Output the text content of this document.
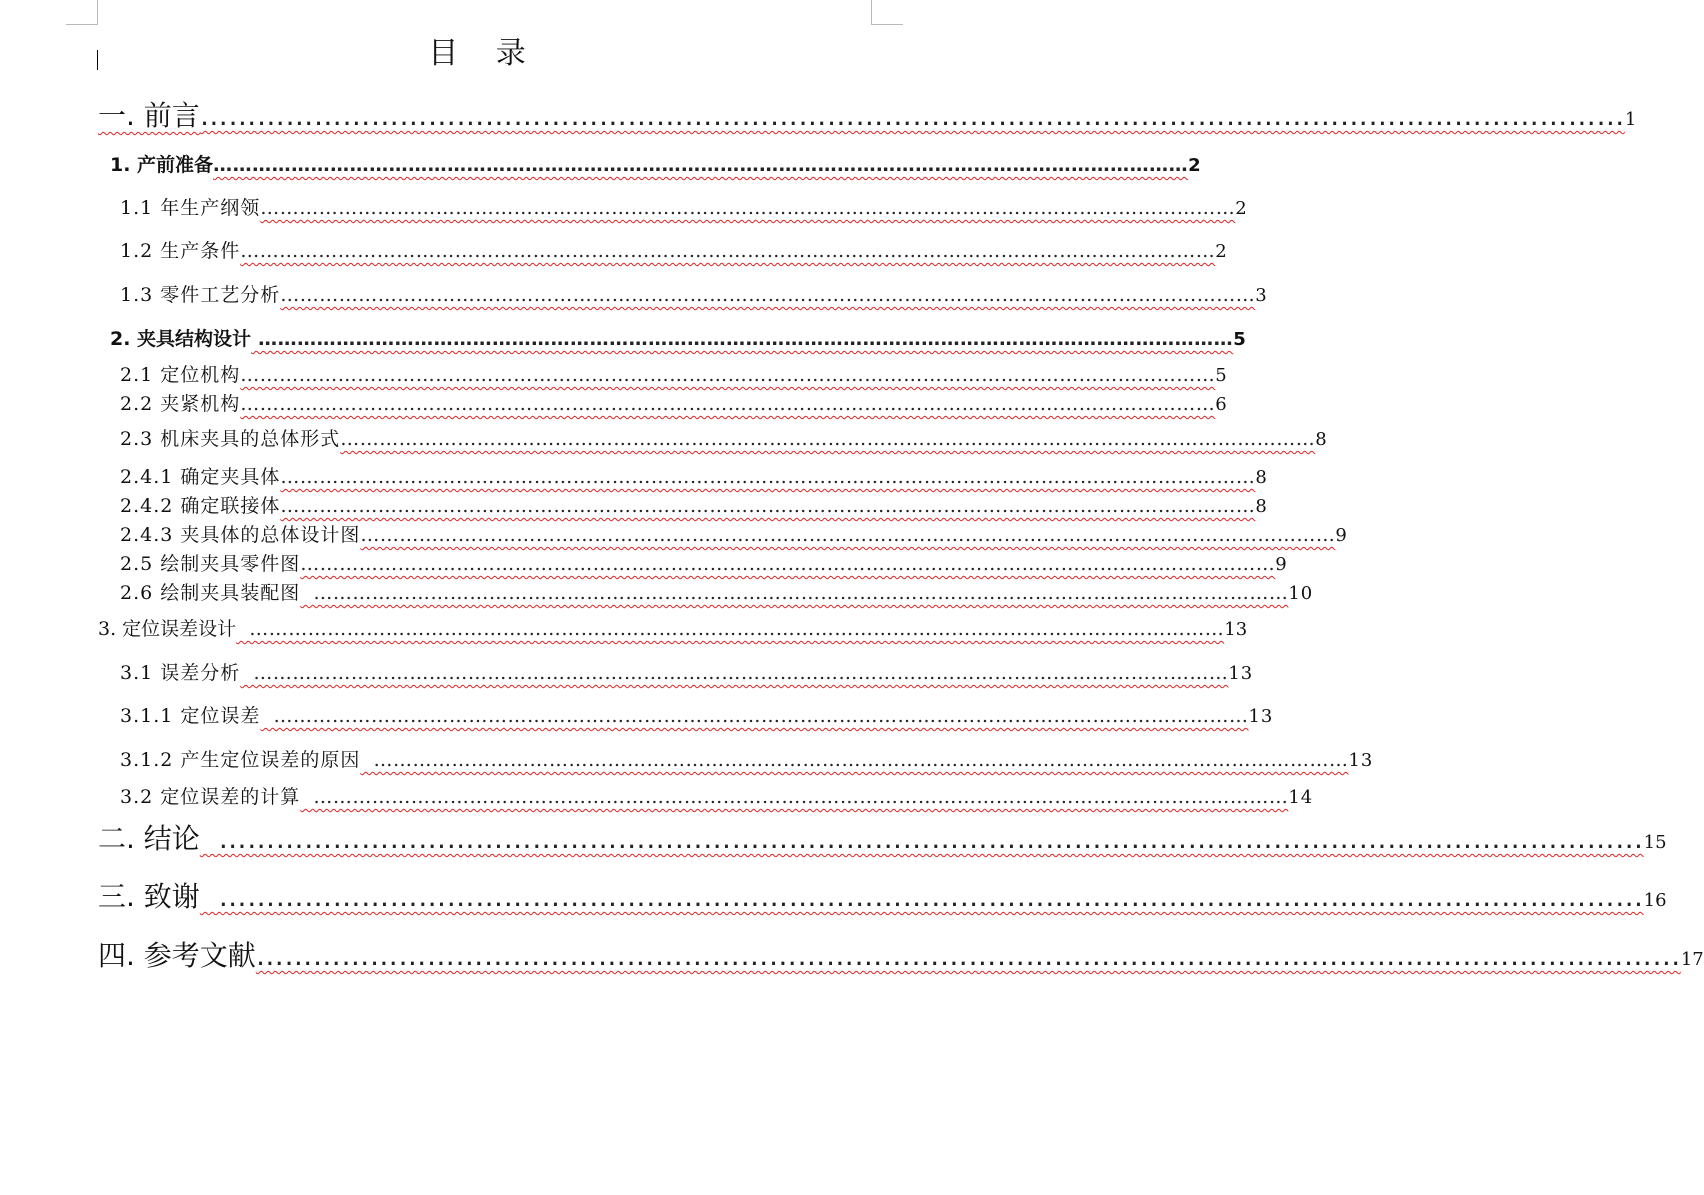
目 录
一. 前言 …………………………………………………………………………………………………………………………………… 1
1. 产前准备 …………………………………………………………………………………………………………………………………… 2
1.1 年生产纲领 …………………………………………………………………………………………………………………………………… 2
1.2 生产条件 …………………………………………………………………………………………………………………………………… 2
1.3 零件工艺分析 …………………………………………………………………………………………………………………………………… 3
2. 夹具结构设计 …………………………………………………………………………………………………………………………………… 5
2.1 定位机构 …………………………………………………………………………………………………………………………………… 5
2.2 夹紧机构 …………………………………………………………………………………………………………………………………… 6
2.3 机床夹具的总体形式 …………………………………………………………………………………………………………………………………… 8
2.4.1 确定夹具体 …………………………………………………………………………………………………………………………………… 8
2.4.2 确定联接体 …………………………………………………………………………………………………………………………………… 8
2.4.3 夹具体的总体设计图 …………………………………………………………………………………………………………………………………… 9
2.5 绘制夹具零件图 …………………………………………………………………………………………………………………………………… 9
2.6 绘制夹具装配图 …………………………………………………………………………………………………………………………………… 10
3. 定位误差设计 …………………………………………………………………………………………………………………………………… 13
3.1 误差分析 …………………………………………………………………………………………………………………………………… 13
3.1.1 定位误差 …………………………………………………………………………………………………………………………………… 13
3.1.2 产生定位误差的原因 …………………………………………………………………………………………………………………………………… 13
3.2 定位误差的计算 …………………………………………………………………………………………………………………………………… 14
二. 结论 …………………………………………………………………………………………………………………………………… 15
三. 致谢 …………………………………………………………………………………………………………………………………… 16
四. 参考文献 …………………………………………………………………………………………………………………………………… 17
